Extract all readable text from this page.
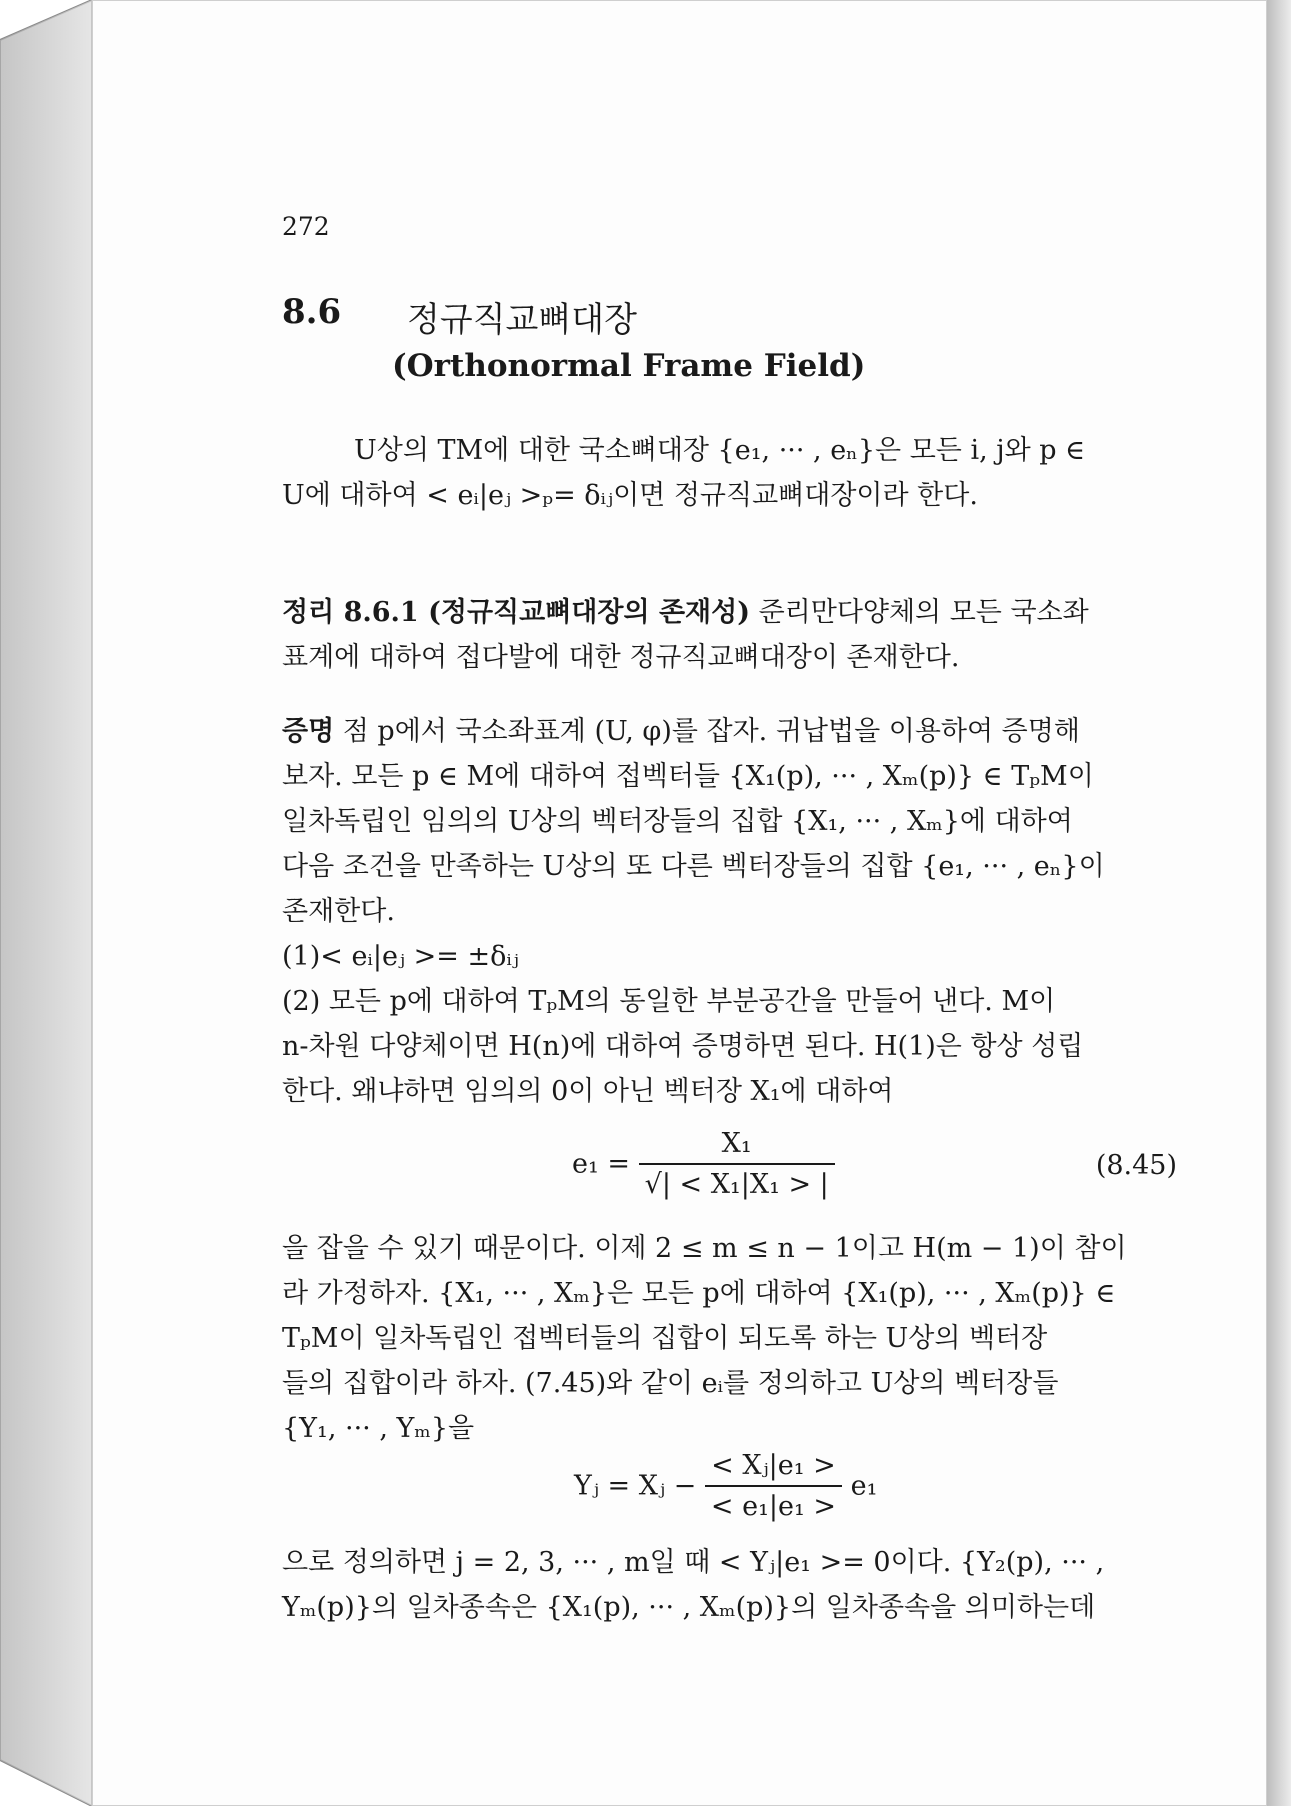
272
8.6 정규직교뼈대장
(Orthonormal Frame Field)
U상의 TM에 대한 국소뼈대장 {e₁, ··· , eₙ}은 모든 i, j와 p ∈
U에 대하여 < eᵢ|eⱼ >ₚ= δᵢⱼ이면 정규직교뼈대장이라 한다.
정리 8.6.1 (정규직교뼈대장의 존재성) 준리만다양체의 모든 국소좌
표계에 대하여 접다발에 대한 정규직교뼈대장이 존재한다.
증명 점 p에서 국소좌표계 (U, φ)를 잡자. 귀납법을 이용하여 증명해
보자. 모든 p ∈ M에 대하여 접벡터들 {X₁(p), ··· , Xₘ(p)} ∈ TₚM이
일차독립인 임의의 U상의 벡터장들의 집합 {X₁, ··· , Xₘ}에 대하여
다음 조건을 만족하는 U상의 또 다른 벡터장들의 집합 {e₁, ··· , eₙ}이
존재한다.
(1)< eᵢ|eⱼ >= ±δᵢⱼ
(2) 모든 p에 대하여 TₚM의 동일한 부분공간을 만들어 낸다. M이
n-차원 다양체이면 H(n)에 대하여 증명하면 된다. H(1)은 항상 성립
한다. 왜냐하면 임의의 0이 아닌 벡터장 X₁에 대하여
$e_1 = \frac{\text{X₁}}{\text{√| < X₁|X₁ > |}}$	(8.45)
을 잡을 수 있기 때문이다. 이제 2 ≤ m ≤ n − 1이고 H(m − 1)이 참이
라 가정하자. {X₁, ··· , Xₘ}은 모든 p에 대하여 {X₁(p), ··· , Xₘ(p)} ∈
TₚM이 일차독립인 접벡터들의 집합이 되도록 하는 U상의 벡터장
들의 집합이라 하자. (7.45)와 같이 eᵢ를 정의하고 U상의 벡터장들
{Y₁, ··· , Yₘ}을
Yⱼ = Xⱼ − $\frac{\text{< Xⱼ|e₁ >}}{\text{< e₁|e₁ >}} e_1$
으로 정의하면 j = 2, 3, ··· , m일 때 < Yⱼ|e₁ >= 0이다. {Y₂(p), ··· ,
Yₘ(p)}의 일차종속은 {X₁(p), ··· , Xₘ(p)}의 일차종속을 의미하는데
